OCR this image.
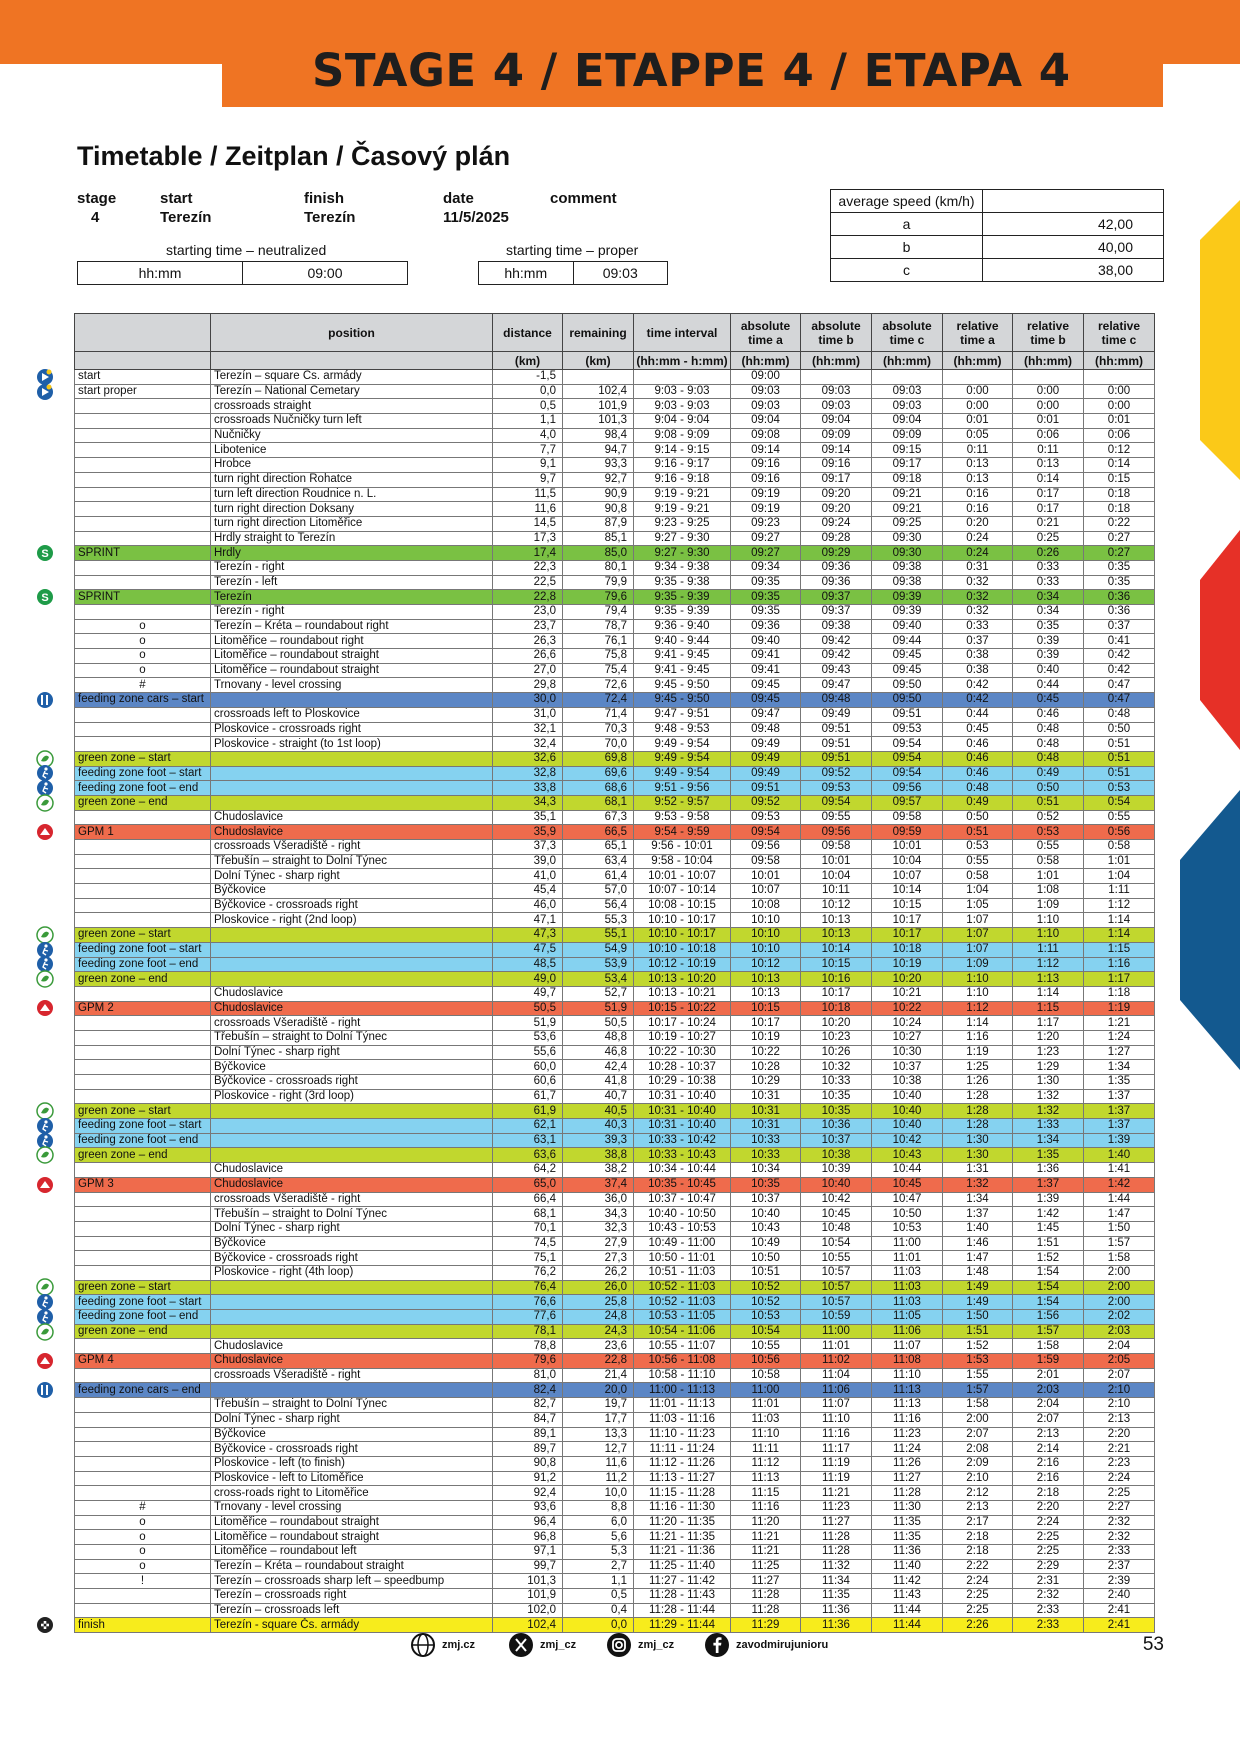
STAGE 4 / ETAPPE 4 / ETAPA 4
Timetable / Zeitplan / Časový plán
stage
4
start
Terezín
finish
Terezín
date
11/5/2025
comment
starting time – neutralized
hh:mm	09:00
starting time – proper
hh:mm	09:03
average speed (km/h)	
a	42,00
b	40,00
c	38,00
	position	distance	remaining	time interval	absolute time a	absolute time b	absolute time c	relative time a	relative time b	relative time c
		(km)	(km)	(hh:mm - h:mm)	(hh:mm)	(hh:mm)	(hh:mm)	(hh:mm)	(hh:mm)	(hh:mm)
start	Terezín – square Čs. armády	-1,5			09:00					
start proper	Terezín – National Cemetary	0,0	102,4	9:03 - 9:03	09:03	09:03	09:03	0:00	0:00	0:00
	crossroads straight	0,5	101,9	9:03 - 9:03	09:03	09:03	09:03	0:00	0:00	0:00
	crossroads Nučničky turn left	1,1	101,3	9:04 - 9:04	09:04	09:04	09:04	0:01	0:01	0:01
	Nučničky	4,0	98,4	9:08 - 9:09	09:08	09:09	09:09	0:05	0:06	0:06
	Libotenice	7,7	94,7	9:14 - 9:15	09:14	09:14	09:15	0:11	0:11	0:12
	Hrobce	9,1	93,3	9:16 - 9:17	09:16	09:16	09:17	0:13	0:13	0:14
	turn right direction Rohatce	9,7	92,7	9:16 - 9:18	09:16	09:17	09:18	0:13	0:14	0:15
	turn left direction Roudnice n. L.	11,5	90,9	9:19 - 9:21	09:19	09:20	09:21	0:16	0:17	0:18
	turn right direction Doksany	11,6	90,8	9:19 - 9:21	09:19	09:20	09:21	0:16	0:17	0:18
	turn right direction Litoměřice	14,5	87,9	9:23 - 9:25	09:23	09:24	09:25	0:20	0:21	0:22
	Hrdly straight to Terezín	17,3	85,1	9:27 - 9:30	09:27	09:28	09:30	0:24	0:25	0:27
SPRINT	Hrdly	17,4	85,0	9:27 - 9:30	09:27	09:29	09:30	0:24	0:26	0:27
	Terezín - right	22,3	80,1	9:34 - 9:38	09:34	09:36	09:38	0:31	0:33	0:35
	Terezín - left	22,5	79,9	9:35 - 9:38	09:35	09:36	09:38	0:32	0:33	0:35
SPRINT	Terezín	22,8	79,6	9:35 - 9:39	09:35	09:37	09:39	0:32	0:34	0:36
	Terezín - right	23,0	79,4	9:35 - 9:39	09:35	09:37	09:39	0:32	0:34	0:36
o	Terezín – Kréta – roundabout right	23,7	78,7	9:36 - 9:40	09:36	09:38	09:40	0:33	0:35	0:37
o	Litoměřice – roundabout right	26,3	76,1	9:40 - 9:44	09:40	09:42	09:44	0:37	0:39	0:41
o	Litoměřice – roundabout straight	26,6	75,8	9:41 - 9:45	09:41	09:42	09:45	0:38	0:39	0:42
o	Litoměřice – roundabout straight	27,0	75,4	9:41 - 9:45	09:41	09:43	09:45	0:38	0:40	0:42
#	Trnovany - level crossing	29,8	72,6	9:45 - 9:50	09:45	09:47	09:50	0:42	0:44	0:47
feeding zone cars – start		30,0	72,4	9:45 - 9:50	09:45	09:48	09:50	0:42	0:45	0:47
	crossroads left to Ploskovice	31,0	71,4	9:47 - 9:51	09:47	09:49	09:51	0:44	0:46	0:48
	Ploskovice - crossroads right	32,1	70,3	9:48 - 9:53	09:48	09:51	09:53	0:45	0:48	0:50
	Ploskovice - straight (to 1st loop)	32,4	70,0	9:49 - 9:54	09:49	09:51	09:54	0:46	0:48	0:51
green zone – start		32,6	69,8	9:49 - 9:54	09:49	09:51	09:54	0:46	0:48	0:51
feeding zone foot – start		32,8	69,6	9:49 - 9:54	09:49	09:52	09:54	0:46	0:49	0:51
feeding zone foot – end		33,8	68,6	9:51 - 9:56	09:51	09:53	09:56	0:48	0:50	0:53
green zone – end		34,3	68,1	9:52 - 9:57	09:52	09:54	09:57	0:49	0:51	0:54
	Chudoslavice	35,1	67,3	9:53 - 9:58	09:53	09:55	09:58	0:50	0:52	0:55
GPM 1	Chudoslavice	35,9	66,5	9:54 - 9:59	09:54	09:56	09:59	0:51	0:53	0:56
	crossroads Všeradiště - right	37,3	65,1	9:56 - 10:01	09:56	09:58	10:01	0:53	0:55	0:58
	Třebušín – straight to Dolní Týnec	39,0	63,4	9:58 - 10:04	09:58	10:01	10:04	0:55	0:58	1:01
	Dolní Týnec - sharp right	41,0	61,4	10:01 - 10:07	10:01	10:04	10:07	0:58	1:01	1:04
	Býčkovice	45,4	57,0	10:07 - 10:14	10:07	10:11	10:14	1:04	1:08	1:11
	Býčkovice - crossroads right	46,0	56,4	10:08 - 10:15	10:08	10:12	10:15	1:05	1:09	1:12
	Ploskovice - right (2nd loop)	47,1	55,3	10:10 - 10:17	10:10	10:13	10:17	1:07	1:10	1:14
green zone – start		47,3	55,1	10:10 - 10:17	10:10	10:13	10:17	1:07	1:10	1:14
feeding zone foot – start		47,5	54,9	10:10 - 10:18	10:10	10:14	10:18	1:07	1:11	1:15
feeding zone foot – end		48,5	53,9	10:12 - 10:19	10:12	10:15	10:19	1:09	1:12	1:16
green zone – end		49,0	53,4	10:13 - 10:20	10:13	10:16	10:20	1:10	1:13	1:17
	Chudoslavice	49,7	52,7	10:13 - 10:21	10:13	10:17	10:21	1:10	1:14	1:18
GPM 2	Chudoslavice	50,5	51,9	10:15 - 10:22	10:15	10:18	10:22	1:12	1:15	1:19
	crossroads Všeradiště - right	51,9	50,5	10:17 - 10:24	10:17	10:20	10:24	1:14	1:17	1:21
	Třebušín – straight to Dolní Týnec	53,6	48,8	10:19 - 10:27	10:19	10:23	10:27	1:16	1:20	1:24
	Dolní Týnec - sharp right	55,6	46,8	10:22 - 10:30	10:22	10:26	10:30	1:19	1:23	1:27
	Býčkovice	60,0	42,4	10:28 - 10:37	10:28	10:32	10:37	1:25	1:29	1:34
	Býčkovice - crossroads right	60,6	41,8	10:29 - 10:38	10:29	10:33	10:38	1:26	1:30	1:35
	Ploskovice - right (3rd loop)	61,7	40,7	10:31 - 10:40	10:31	10:35	10:40	1:28	1:32	1:37
green zone – start		61,9	40,5	10:31 - 10:40	10:31	10:35	10:40	1:28	1:32	1:37
feeding zone foot – start		62,1	40,3	10:31 - 10:40	10:31	10:36	10:40	1:28	1:33	1:37
feeding zone foot – end		63,1	39,3	10:33 - 10:42	10:33	10:37	10:42	1:30	1:34	1:39
green zone – end		63,6	38,8	10:33 - 10:43	10:33	10:38	10:43	1:30	1:35	1:40
	Chudoslavice	64,2	38,2	10:34 - 10:44	10:34	10:39	10:44	1:31	1:36	1:41
GPM 3	Chudoslavice	65,0	37,4	10:35 - 10:45	10:35	10:40	10:45	1:32	1:37	1:42
	crossroads Všeradiště - right	66,4	36,0	10:37 - 10:47	10:37	10:42	10:47	1:34	1:39	1:44
	Třebušín – straight to Dolní Týnec	68,1	34,3	10:40 - 10:50	10:40	10:45	10:50	1:37	1:42	1:47
	Dolní Týnec - sharp right	70,1	32,3	10:43 - 10:53	10:43	10:48	10:53	1:40	1:45	1:50
	Býčkovice	74,5	27,9	10:49 - 11:00	10:49	10:54	11:00	1:46	1:51	1:57
	Býčkovice - crossroads right	75,1	27,3	10:50 - 11:01	10:50	10:55	11:01	1:47	1:52	1:58
	Ploskovice - right (4th loop)	76,2	26,2	10:51 - 11:03	10:51	10:57	11:03	1:48	1:54	2:00
green zone – start		76,4	26,0	10:52 - 11:03	10:52	10:57	11:03	1:49	1:54	2:00
feeding zone foot – start		76,6	25,8	10:52 - 11:03	10:52	10:57	11:03	1:49	1:54	2:00
feeding zone foot – end		77,6	24,8	10:53 - 11:05	10:53	10:59	11:05	1:50	1:56	2:02
green zone – end		78,1	24,3	10:54 - 11:06	10:54	11:00	11:06	1:51	1:57	2:03
	Chudoslavice	78,8	23,6	10:55 - 11:07	10:55	11:01	11:07	1:52	1:58	2:04
GPM 4	Chudoslavice	79,6	22,8	10:56 - 11:08	10:56	11:02	11:08	1:53	1:59	2:05
	crossroads Všeradiště - right	81,0	21,4	10:58 - 11:10	10:58	11:04	11:10	1:55	2:01	2:07
feeding zone cars – end		82,4	20,0	11:00 - 11:13	11:00	11:06	11:13	1:57	2:03	2:10
	Třebušín – straight to Dolní Týnec	82,7	19,7	11:01 - 11:13	11:01	11:07	11:13	1:58	2:04	2:10
	Dolní Týnec - sharp right	84,7	17,7	11:03 - 11:16	11:03	11:10	11:16	2:00	2:07	2:13
	Býčkovice	89,1	13,3	11:10 - 11:23	11:10	11:16	11:23	2:07	2:13	2:20
	Býčkovice - crossroads right	89,7	12,7	11:11 - 11:24	11:11	11:17	11:24	2:08	2:14	2:21
	Ploskovice - left (to finish)	90,8	11,6	11:12 - 11:26	11:12	11:19	11:26	2:09	2:16	2:23
	Ploskovice - left to Litoměřice	91,2	11,2	11:13 - 11:27	11:13	11:19	11:27	2:10	2:16	2:24
	cross-roads right to Litoměřice	92,4	10,0	11:15 - 11:28	11:15	11:21	11:28	2:12	2:18	2:25
#	Trnovany - level crossing	93,6	8,8	11:16 - 11:30	11:16	11:23	11:30	2:13	2:20	2:27
o	Litoměřice – roundabout straight	96,4	6,0	11:20 - 11:35	11:20	11:27	11:35	2:17	2:24	2:32
o	Litoměřice – roundabout straight	96,8	5,6	11:21 - 11:35	11:21	11:28	11:35	2:18	2:25	2:32
o	Litoměřice – roundabout left	97,1	5,3	11:21 - 11:36	11:21	11:28	11:36	2:18	2:25	2:33
o	Terezín – Kréta – roundabout straight	99,7	2,7	11:25 - 11:40	11:25	11:32	11:40	2:22	2:29	2:37
!	Terezín – crossroads sharp left – speedbump	101,3	1,1	11:27 - 11:42	11:27	11:34	11:42	2:24	2:31	2:39
	Terezín – crossroads right	101,9	0,5	11:28 - 11:43	11:28	11:35	11:43	2:25	2:32	2:40
	Terezín – crossroads left	102,0	0,4	11:28 - 11:44	11:28	11:36	11:44	2:25	2:33	2:41
finish	Terezín - square Čs. armády	102,4	0,0	11:29 - 11:44	11:29	11:36	11:44	2:26	2:33	2:41
S
S
zmj.cz	zmj_cz	zmj_cz	zavodmirujunioru	53
